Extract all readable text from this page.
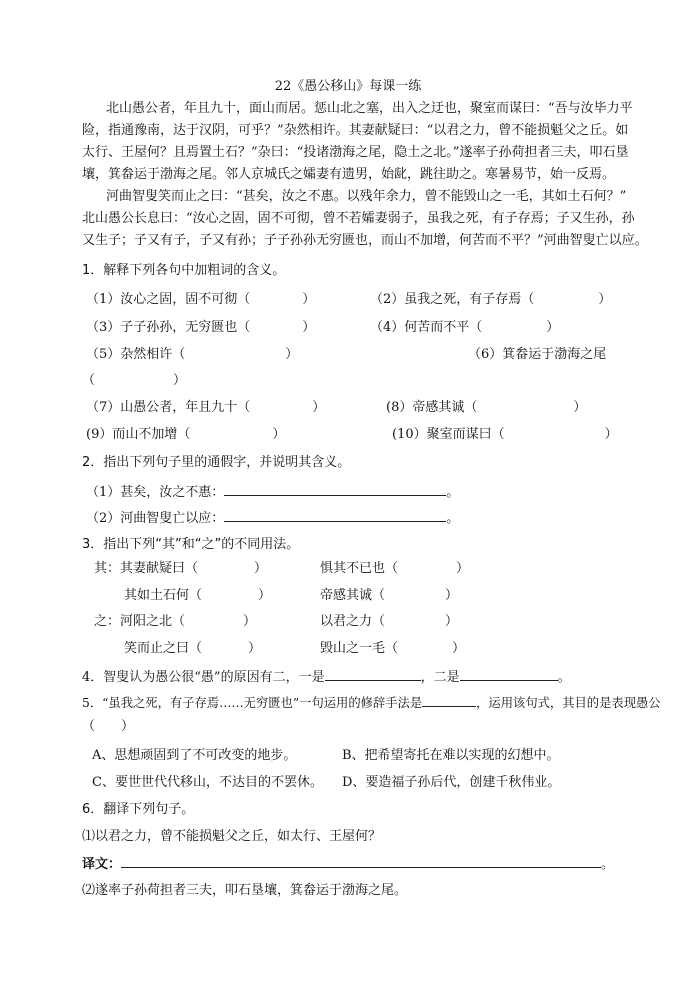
22《愚公移山》每课一练
北山愚公者，年且九十，面山而居。惩山北之塞，出入之迂也，聚室而谋曰：“吾与汝毕力平
险，指通豫南，达于汉阴，可乎？”杂然相许。其妻献疑曰：“以君之力，曾不能损魁父之丘。如
太行、王屋何？且焉置土石？”杂曰：“投诸渤海之尾，隐土之北。”遂率子孙荷担者三夫，叩石垦
壤，箕畚运于渤海之尾。邻人京城氏之孀妻有遗男，始龀，跳往助之。寒暑易节，始一反焉。
河曲智叟笑而止之曰：“甚矣，汝之不惠。以残年余力，曾不能毁山之一毛，其如土石何？”
北山愚公长息曰：“汝心之固，固不可彻，曾不若孀妻弱子，虽我之死，有子存焉；子又生孙，孙
又生子；子又有子，子又有孙；子子孙孙无穷匮也，而山不加增，何苦而不平？”河曲智叟亡以应。
1．解释下列各句中加粗词的含义。
（1）汝心之固，固不可彻（	）	（2）虽我之死，有子存焉（	）
（3）子子孙孙，无穷匮也（	）	（4）何苦而不平（	）
（5）杂然相许（	）	（6）箕畚运于渤海之尾
（	）
（7）山愚公者，年且九十（	）	(8）帝感其诚（	）
(9）而山不加增（	）	(10）聚室而谋曰（	）
2．指出下列句子里的通假字，并说明其含义。
（1）甚矣，汝之不惠：	。
（2）河曲智叟亡以应：	。
3．指出下列“其”和“之”的不同用法。
其：其妻献疑曰（	）	惧其不已也（	）
其如土石何（	）	帝感其诚（	）
之：河阳之北（	）	以君之力（	）
笑而止之曰（	）	毁山之一毛（	）
4．智叟认为愚公很“愚”的原因有二，一是	，二是	。
5．“虽我之死，有子存焉……无穷匮也”一句运用的修辞手法是	，运用该句式，其目的是表现愚公
（　　）
A、思想顽固到了不可改变的地步。	B、把希望寄托在难以实现的幻想中。
C、要世世代代移山，不达目的不罢休。 D、要造福子孙后代，创建千秋伟业。
6．翻译下列句子。
⑴以君之力，曾不能损魁父之丘，如太行、王屋何？
译文：	。
⑵遂率子孙荷担者三夫，叩石垦壤，箕畚运于渤海之尾。
